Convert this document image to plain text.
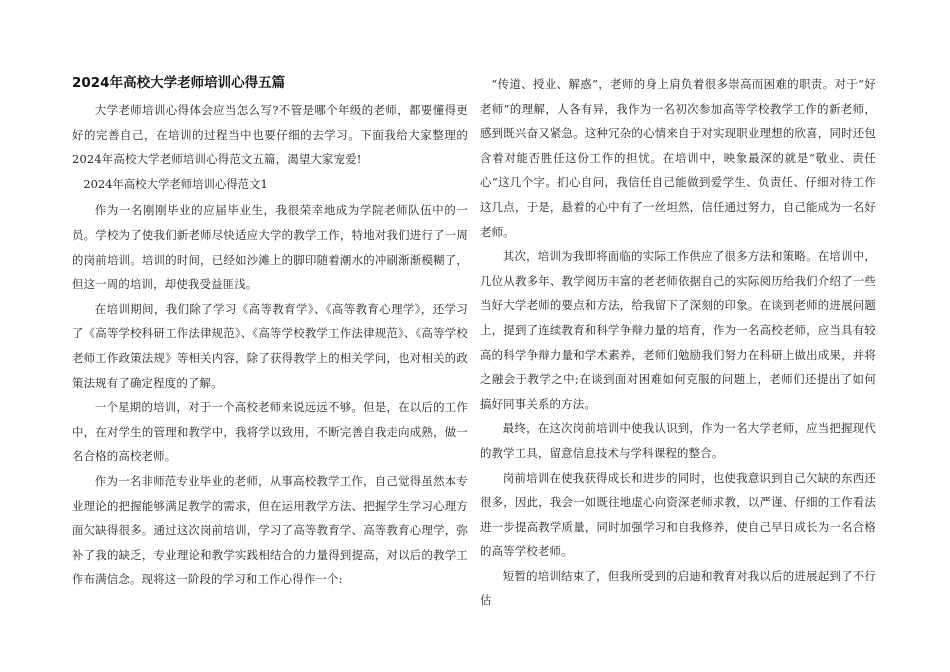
2024年高校大学老师培训心得五篇

大学老师培训心得体会应当怎么写?不管是哪个年级的老师，都要懂得更好的完善自己，在培训的过程当中也要仔细的去学习。下面我给大家整理的2024年高校大学老师培训心得范文五篇，渴望大家宠爱!

2024年高校大学老师培训心得范文1

作为一名刚刚毕业的应届毕业生，我很荣幸地成为学院老师队伍中的一员。学校为了使我们新老师尽快适应大学的教学工作，特地对我们进行了一周的岗前培训。培训的时间，已经如沙滩上的脚印随着潮水的冲刷渐渐模糊了，但这一周的培训，却使我受益匪浅。

在培训期间，我们除了学习《高等教育学》、《高等教育心理学》，还学习了《高等学校科研工作法律规范》、《高等学校教学工作法律规范》、《高等学校老师工作政策法规》等相关内容，除了获得教学上的相关学问，也对相关的政策法规有了确定程度的了解。

一个星期的培训，对于一个高校老师来说远远不够。但是，在以后的工作中，在对学生的管理和教学中，我将学以致用，不断完善自我走向成熟，做一名合格的高校老师。

作为一名非师范专业毕业的老师，从事高校教学工作，自己觉得虽然本专业理论的把握能够满足教学的需求，但在运用教学方法、把握学生学习心理方面欠缺得很多。通过这次岗前培训，学习了高等教育学、高等教育心理学，弥补了我的缺乏，专业理论和教学实践相结合的力量得到提高，对以后的教学工作布满信念。现将这一阶段的学习和工作心得作一个:

“传道、授业、解惑”，老师的身上肩负着很多崇高而困难的职责。对于“好老师”的理解，人各有异，我作为一名初次参加高等学校教学工作的新老师，感到既兴奋又紧急。这种冗杂的心情来自于对实现职业理想的欣喜，同时还包含着对能否胜任这份工作的担忧。在培训中，映象最深的就是“敬业、责任心”这几个字。扪心自问，我信任自己能做到爱学生、负责任、仔细对待工作这几点，于是，悬着的心中有了一丝坦然，信任通过努力，自己能成为一名好老师。

其次，培训为我即将面临的实际工作供应了很多方法和策略。在培训中，几位从教多年、教学阅历丰富的老老师依据自己的实际阅历给我们介绍了一些当好大学老师的要点和方法，给我留下了深刻的印象。在谈到老师的进展问题上，提到了连续教育和科学争辩力量的培育，作为一名高校老师，应当具有较高的科学争辩力量和学术素养，老师们勉励我们努力在科研上做出成果，并将之融会于教学之中;在谈到面对困难如何克服的问题上，老师们还提出了如何搞好同事关系的方法。

最终，在这次岗前培训中使我认识到，作为一名大学老师，应当把握现代的教学工具，留意信息技术与学科课程的整合。

岗前培训在使我获得成长和进步的同时，也使我意识到自己欠缺的东西还很多，因此，我会一如既往地虚心向资深老师求教，以严谨、仔细的工作看法进一步提高教学质量，同时加强学习和自我修养，使自己早日成长为一名合格的高等学校老师。

短暂的培训结束了，但我所受到的启迪和教育对我以后的进展起到了不行估
